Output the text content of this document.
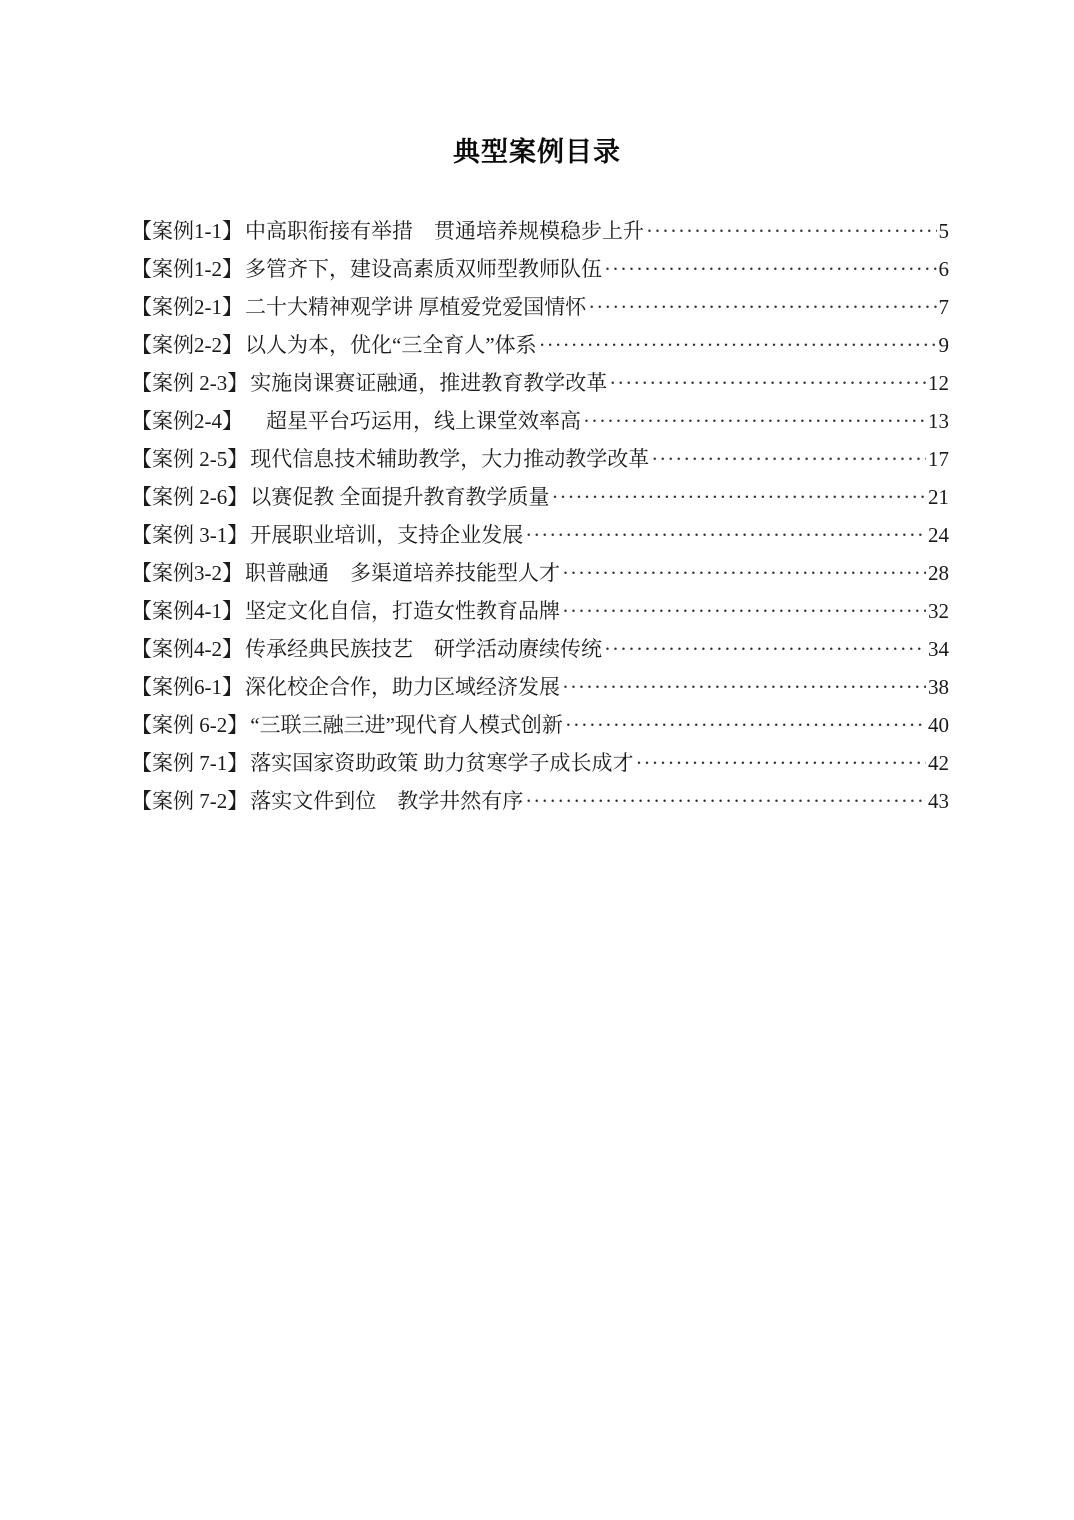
典型案例目录
【案例1-1】 中高职衔接有举措　贯通培养规模稳步上升 ·····	5
【案例1-2】 多管齐下，建设高素质双师型教师队伍 ·····	6
【案例2-1】 二十大精神观学讲 厚植爱党爱国情怀 ·····	7
【案例2-2】 以人为本，优化“三全育人”体系 ·····	9
【案例 2-3】 实施岗课赛证融通，推进教育教学改革 ·····	12
【案例2-4】 　超星平台巧运用，线上课堂效率高 ·····	13
【案例 2-5】 现代信息技术辅助教学，大力推动教学改革 ·····	17
【案例 2-6】 以赛促教 全面提升教育教学质量 ·····	21
【案例 3-1】 开展职业培训，支持企业发展 ·····	24
【案例3-2】 职普融通　多渠道培养技能型人才 ·····	28
【案例4-1】 坚定文化自信，打造女性教育品牌 ·····	32
【案例4-2】 传承经典民族技艺　研学活动赓续传统 ·····	34
【案例6-1】 深化校企合作，助力区域经济发展 ·····	38
【案例 6-2】 “三联三融三进”现代育人模式创新 ·····	40
【案例 7-1】 落实国家资助政策 助力贫寒学子成长成才 ·····	42
【案例 7-2】 落实文件到位　教学井然有序 ·····	43
